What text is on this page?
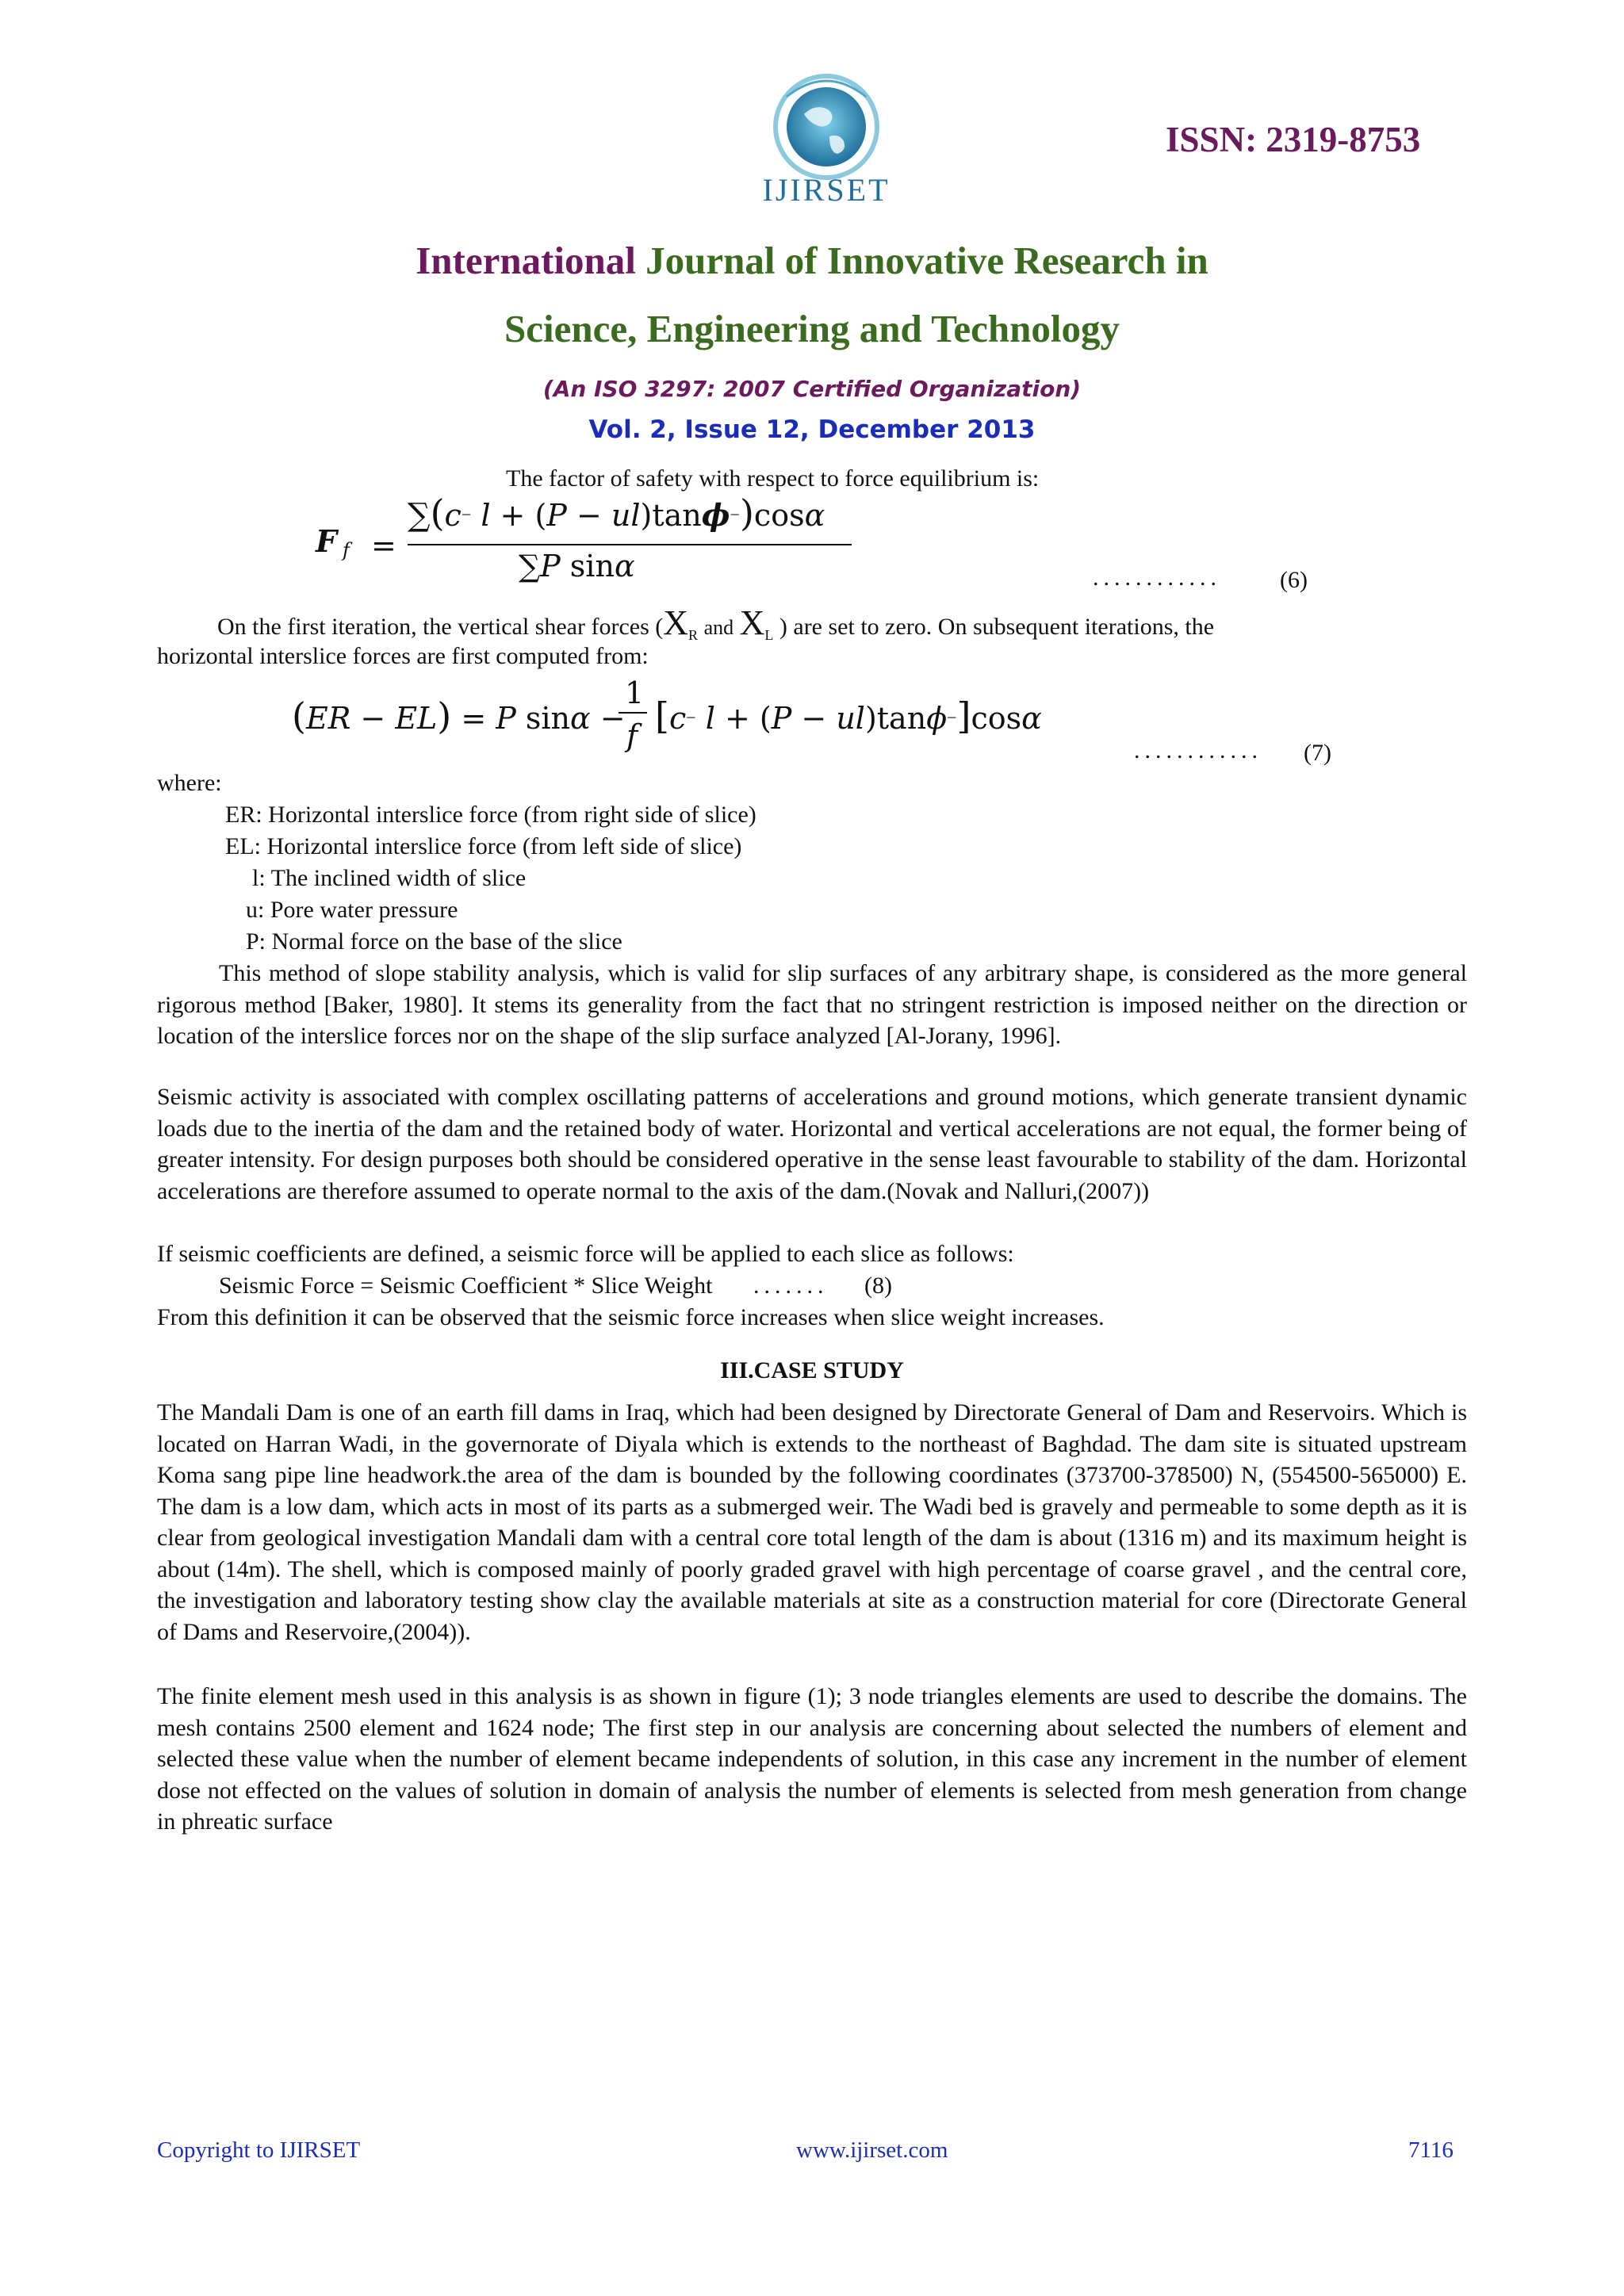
IJIRSET
ISSN: 2319-8753
International Journal of Innovative Research in
Science, Engineering and Technology
(An ISO 3297: 2007 Certified Organization)
Vol. 2, Issue 12, December 2013
The factor of safety with respect to force equilibrium is:
F f =
∑(c− l + (P − ul)tanϕ−)cosα
∑P sinα	............ (6)
On the first iteration, the vertical shear forces ($X_R$ and $X_L$ ) are set to zero. On subsequent iterations, the
horizontal interslice forces are first computed from:
(ER − EL) = P sinα −
1
f [c− l + (P − ul)tanϕ−]cosα
............ (7)
where:
ER: Horizontal interslice force (from right side of slice)
EL: Horizontal interslice force (from left side of slice)
l: The inclined width of slice
u: Pore water pressure
P: Normal force on the base of the slice
This method of slope stability analysis, which is valid for slip surfaces of any arbitrary shape, is considered as the more general rigorous method [Baker, 1980]. It stems its generality from the fact that no stringent restriction is imposed neither on the direction or location of the interslice forces nor on the shape of the slip surface analyzed [Al-Jorany, 1996].
Seismic activity is associated with complex oscillating patterns of accelerations and ground motions, which generate transient dynamic loads due to the inertia of the dam and the retained body of water. Horizontal and vertical accelerations are not equal, the former being of greater intensity. For design purposes both should be considered operative in the sense least favourable to stability of the dam. Horizontal accelerations are therefore assumed to operate normal to the axis of the dam.(Novak and Nalluri,(2007))
If seismic coefficients are defined, a seismic force will be applied to each slice as follows:
Seismic Force = Seismic Coefficient * Slice Weight ....... (8)
From this definition it can be observed that the seismic force increases when slice weight increases.
III.CASE STUDY
The Mandali Dam is one of an earth fill dams in Iraq, which had been designed by Directorate General of Dam and Reservoirs. Which is located on Harran Wadi, in the governorate of Diyala which is extends to the northeast of Baghdad. The dam site is situated upstream Koma sang pipe line headwork.the area of the dam is bounded by the following coordinates (373700-378500) N, (554500-565000) E. The dam is a low dam, which acts in most of its parts as a submerged weir. The Wadi bed is gravely and permeable to some depth as it is clear from geological investigation Mandali dam with a central core total length of the dam is about (1316 m) and its maximum height is about (14m). The shell, which is composed mainly of poorly graded gravel with high percentage of coarse gravel , and the central core, the investigation and laboratory testing show clay the available materials at site as a construction material for core (Directorate General of Dams and Reservoire,(2004)).
The finite element mesh used in this analysis is as shown in figure (1); 3 node triangles elements are used to describe the domains. The mesh contains 2500 element and 1624 node; The first step in our analysis are concerning about selected the numbers of element and selected these value when the number of element became independents of solution, in this case any increment in the number of element dose not effected on the values of solution in domain of analysis the number of elements is selected from mesh generation from change in phreatic surface
Copyright to IJIRSET	www.ijirset.com	7116
